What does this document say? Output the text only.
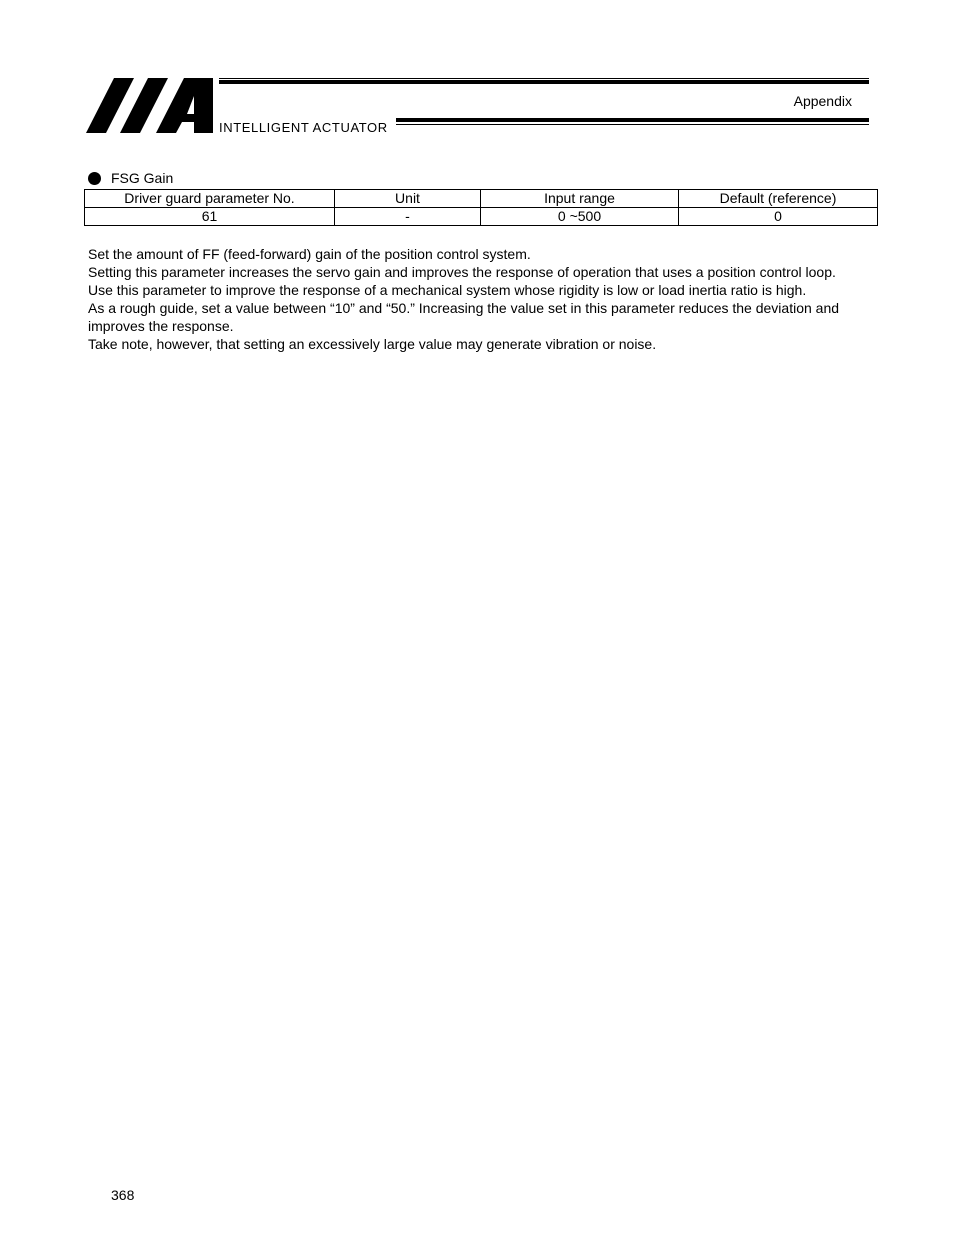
INTELLIGENT ACTUATOR
Appendix
FSG Gain
Driver guard parameter No.	Unit	Input range	Default (reference)
61	-	0 ~500	0

Set the amount of FF (feed-forward) gain of the position control system.

Setting this parameter increases the servo gain and improves the response of operation that uses a position control loop.

Use this parameter to improve the response of a mechanical system whose rigidity is low or load inertia ratio is high.

As a rough guide, set a value between “10” and “50.” Increasing the value set in this parameter reduces the deviation and improves the response.

Take note, however, that setting an excessively large value may generate vibration or noise.

368
